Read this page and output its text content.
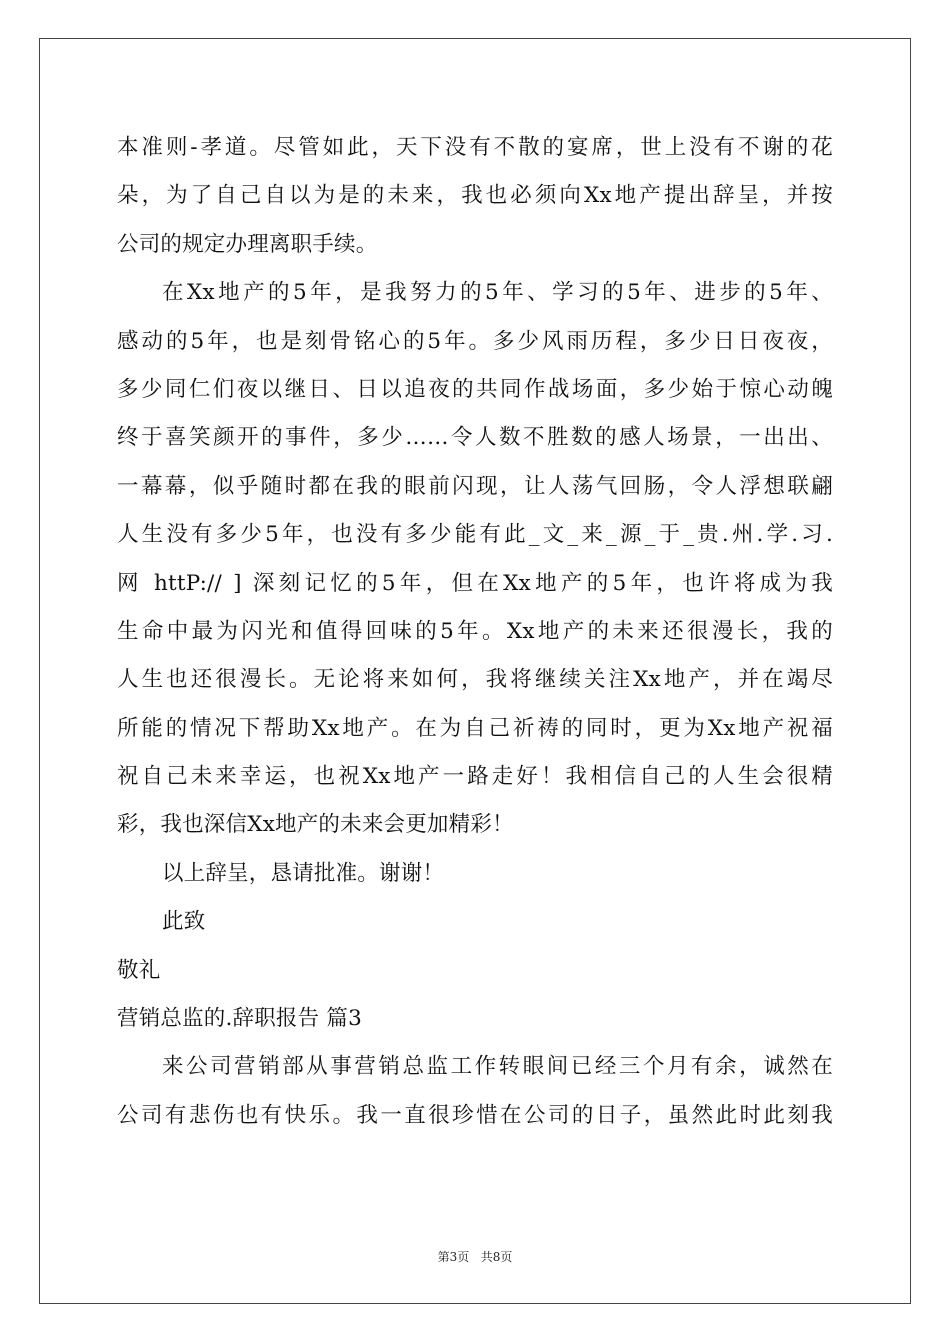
本准则-孝道。尽管如此，天下没有不散的宴席，世上没有不谢的花
朵，为了自己自以为是的未来，我也必须向Xx地产提出辞呈，并按
公司的规定办理离职手续。
在Xx地产的5年，是我努力的5年、学习的5年、进步的5年、
感动的5年，也是刻骨铭心的5年。多少风雨历程，多少日日夜夜，
多少同仁们夜以继日、日以追夜的共同作战场面，多少始于惊心动魄
终于喜笑颜开的事件，多少……令人数不胜数的感人场景，一出出、
一幕幕，似乎随时都在我的眼前闪现，让人荡气回肠，令人浮想联翩
人生没有多少5年，也没有多少能有此_文_来_源_于_贵.州.学.习.
网 httP:// ] 深刻记忆的5年，但在Xx地产的5年，也许将成为我
生命中最为闪光和值得回味的5年。Xx地产的未来还很漫长，我的
人生也还很漫长。无论将来如何，我将继续关注Xx地产，并在竭尽
所能的情况下帮助Xx地产。在为自己祈祷的同时，更为Xx地产祝福
祝自己未来幸运，也祝Xx地产一路走好！我相信自己的人生会很精
彩，我也深信Xx地产的未来会更加精彩！
以上辞呈，恳请批准。谢谢！
此致
敬礼
营销总监的.辞职报告 篇3
来公司营销部从事营销总监工作转眼间已经三个月有余，诚然在
公司有悲伤也有快乐。我一直很珍惜在公司的日子，虽然此时此刻我
第3页   共8页
